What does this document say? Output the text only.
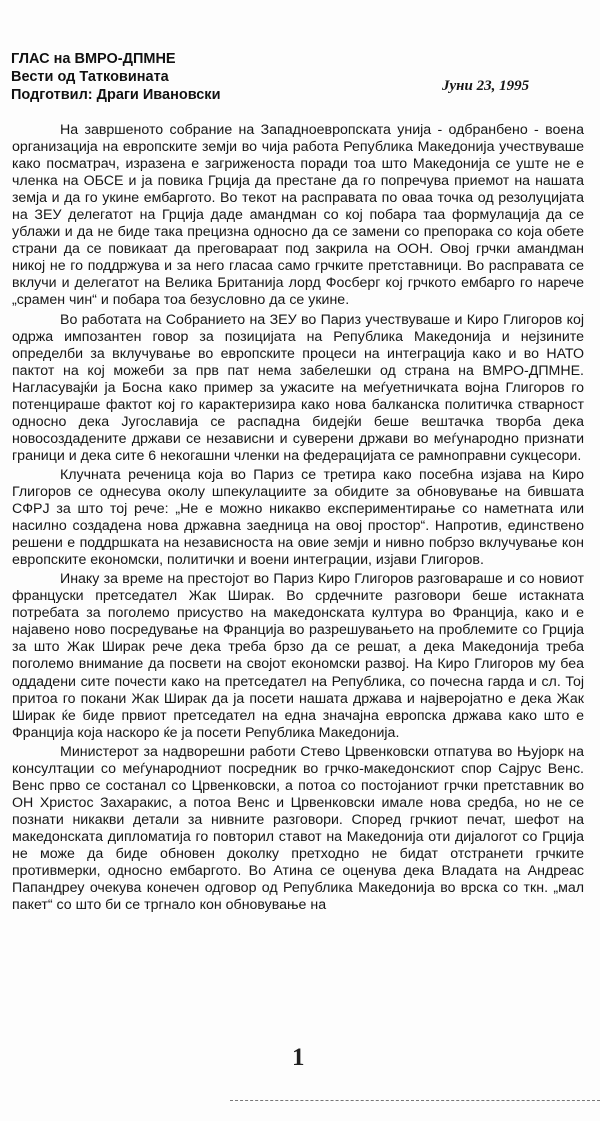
ГЛАС на ВМРО-ДПМНЕ
Вести од Татковината
Подготвил: Драги Ивановски
Јуни 23, 1995

На завршеното собрание на Западноевропската унија - одбранбено - воена организација на европските земји во чија работа Република Македонија учествуваше како посматрач, изразена е загриженоста поради тоа што Македонија се уште не е членка на ОБСЕ и ја повика Грција да престане да го попречува приемот на нашата земја и да го укине ембаргото. Во текот на расправата по оваа точка од резолуцијата на ЗЕУ делегатот на Грција даде амандман со кој побара таа формулација да се ублажи и да не биде така прецизна односно да се замени со препорака со која обете страни да се повикаат да преговараат под закрила на ООН. Овој грчки амандман никој не го поддржува и за него гласаа само грчките претставници. Во расправата се вклучи и делегатот на Велика Британија лорд Фосберг кој грчкото ембарго го нарече „срамен чин“ и побара тоа безусловно да се укине.

Во работата на Собранието на ЗЕУ во Париз учествуваше и Киро Глигоров кој одржа импозантен говор за позицијата на Република Македонија и нејзините определби за вклучување во европските процеси на интеграција како и во НАТО пактот на кој можеби за прв пат нема забелешки од страна на ВМРО-ДПМНЕ. Нагласувајќи ја Босна како пример за ужасите на меѓуетничката војна Глигоров го потенцираше фактот кој го карактеризира како нова балканска политичка стварност односно дека Југославија се распадна бидејќи беше вештачка творба дека новосоздадените држави се независни и суверени држави во меѓународно признати граници и дека сите 6 некогашни членки на федерацијата се рамноправни сукцесори.

Клучната реченица која во Париз се третира како посебна изјава на Киро Глигоров се однесува околу шпекулациите за обидите за обновување на бившата СФРЈ за што тој рече: „Не е можно никакво експериментирање со наметната или насилно создадена нова државна заедница на овој простор“. Напротив, единствено решени е поддршката на независноста на овие земји и нивно побрзо вклучување кон европските економски, политички и воени интеграции, изјави Глигоров.

Инаку за време на престојот во Париз Киро Глигоров разговараше и со новиот француски претседател Жак Ширак. Во срдечните разговори беше истакната потребата за поголемо присуство на македонската култура во Франција, како и е најавено ново посредување на Франција во разрешувањето на проблемите со Грција за што Жак Ширак рече дека треба брзо да се решат, а дека Македонија треба поголемо внимание да посвети на својот економски развој. На Киро Глигоров му беа оддадени сите почести како на претседател на Република, со почесна гарда и сл. Тој притоа го покани Жак Ширак да ја посети нашата држава и најверојатно е дека Жак Ширак ќе биде првиот претседател на една значајна европска држава како што е Франција која наскоро ќе ја посети Република Македонија.

Министерот за надворешни работи Стево Црвенковски отпатува во Њујорк на консултации со меѓународниот посредник во грчко-македонскиот спор Сајрус Венс. Венс прво се состанал со Црвенковски, а потоа со постојаниот грчки претставник во ОН Христос Захаракис, а потоа Венс и Црвенковски имале нова средба, но не се познати никакви детали за нивните разговори. Според грчкиот печат, шефот на македонската дипломатија го повторил ставот на Македонија оти дијалогот со Грција не може да биде обновен доколку претходно не бидат отстранети грчките противмерки, односно ембаргото. Во Атина се оценува дека Владата на Андреас Папандреу очекува конечен одговор од Република Македонија во врска со ткн. „мал пакет“ со што би се тргнало кон обновување на

1
